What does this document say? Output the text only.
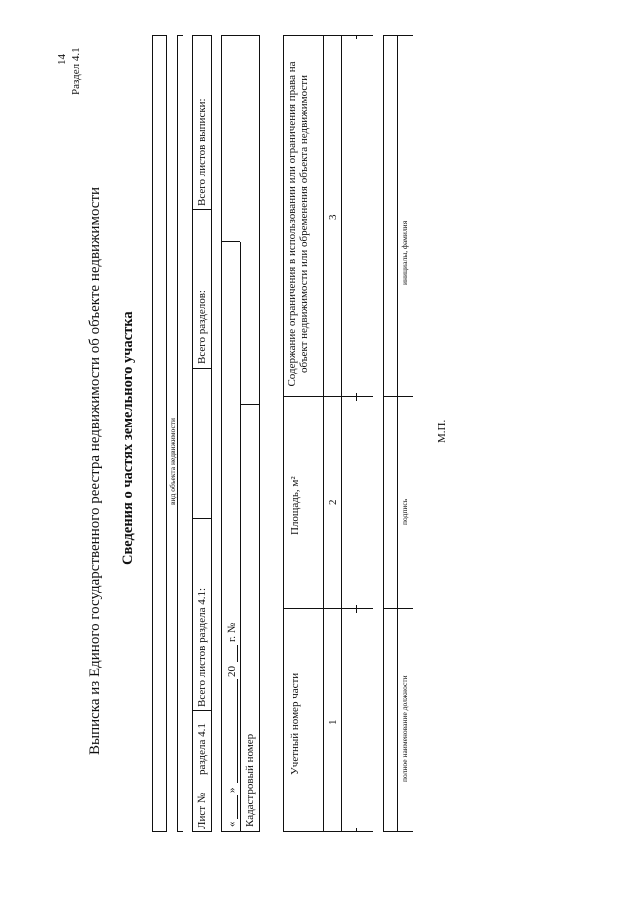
14 Раздел 4.1
Выписка из Единого государственного реестра недвижимости об объекте недвижимости Сведения о частях земельного участка	вид объекта недвижимости
Лист №
раздела 4.1
Всего листов раздела 4.1:
Всего разделов:
Всего листов выписки:
«
»
20
г. №
Кадастровый номер
Учетный номер части
Площадь, м²
Содержание ограничения в использовании или ограничения права на объект недвижимости или обременения объекта недвижимости
1
2
3
полное наименование должности
подпись
инициалы, фамилия
М.П.
